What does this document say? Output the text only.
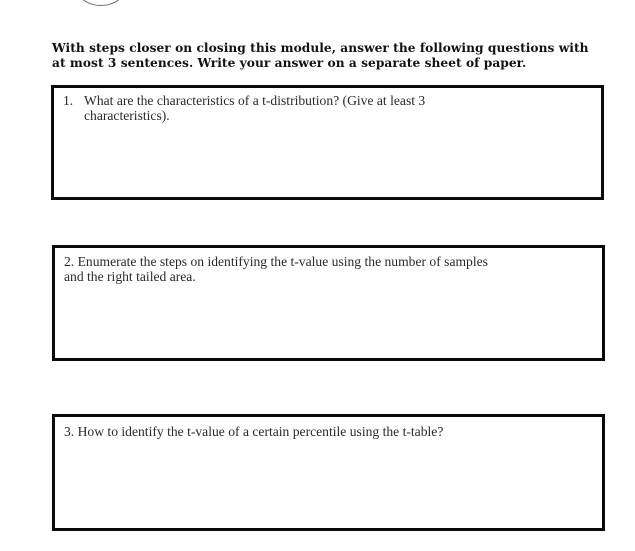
With steps closer on closing this module, answer the following questions with
at most 3 sentences. Write your answer on a separate sheet of paper.
1. What are the characteristics of a t-distribution? (Give at least 3
characteristics).
2. Enumerate the steps on identifying the t-value using the number of samples
and the right tailed area.
3. How to identify the t-value of a certain percentile using the t-table?
